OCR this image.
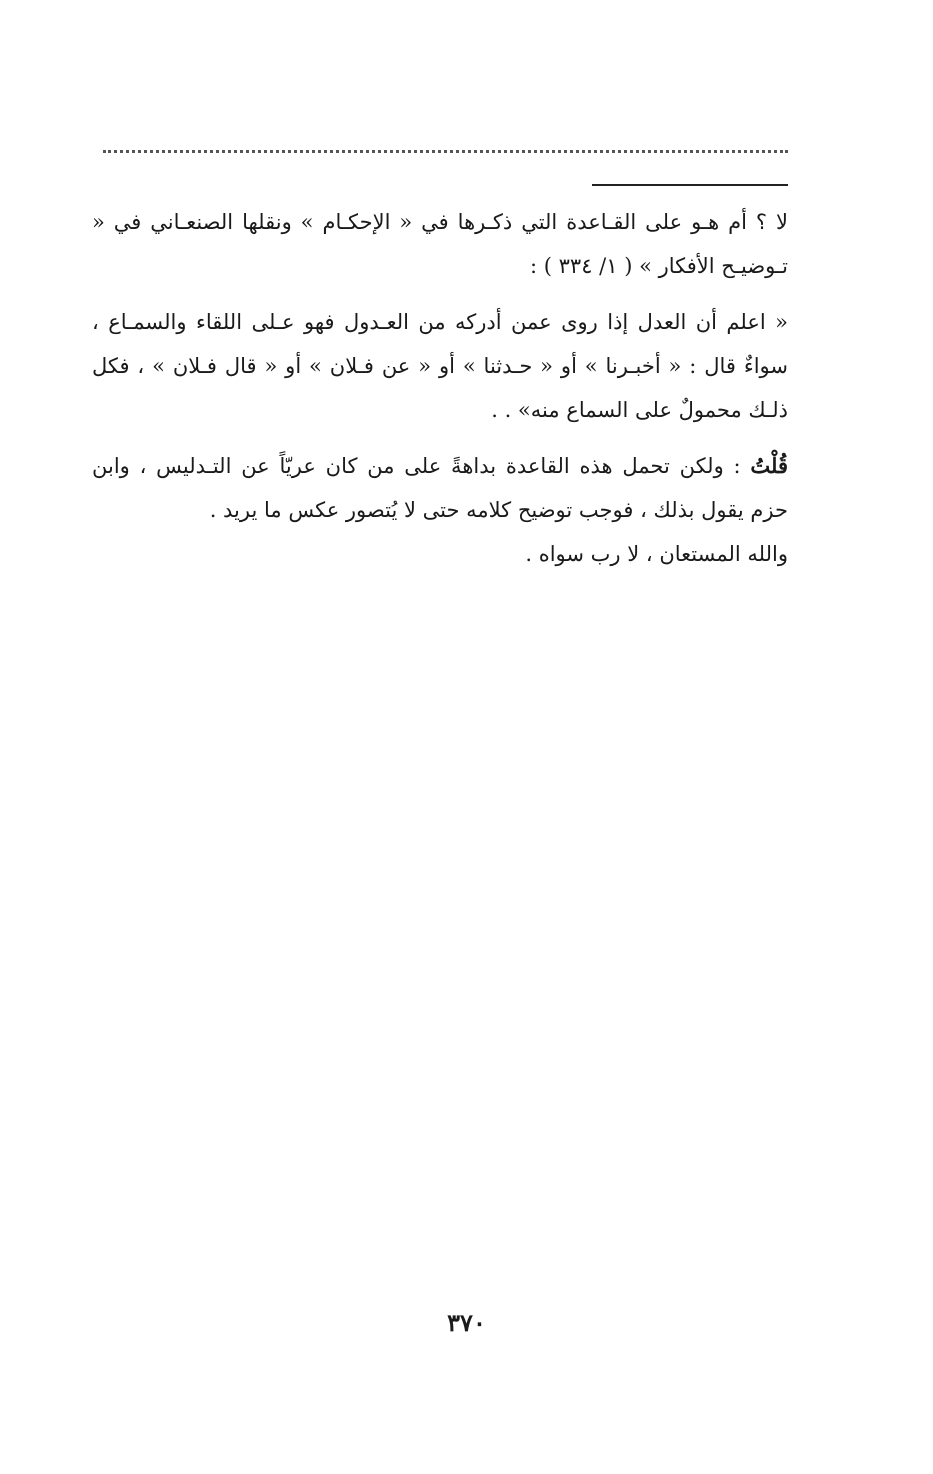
لا ؟ أم هـو على القـاعدة التي ذكـرها في « الإحكـام » ونقلها الصنعـاني في « تـوضيـح الأفكار » ( ١/ ٣٣٤ ) :

« اعلم أن العدل إذا روى عمن أدركه من العـدول فهو عـلى اللقاء والسمـاع ، سواءٌ قال : « أخبـرنا » أو « حـدثنا » أو « عن فـلان » أو « قال فـلان » ، فكل ذلـك محمولٌ على السماع منه» . .

قُلْتُ : ولكن تحمل هذه القاعدة بداهةً على من كان عريّاً عن التـدليس ، وابن حزم يقول بذلك ، فوجب توضيح كلامه حتى لا يُتصور عكس ما يريد .

والله المستعان ، لا رب سواه .

٣٧٠
